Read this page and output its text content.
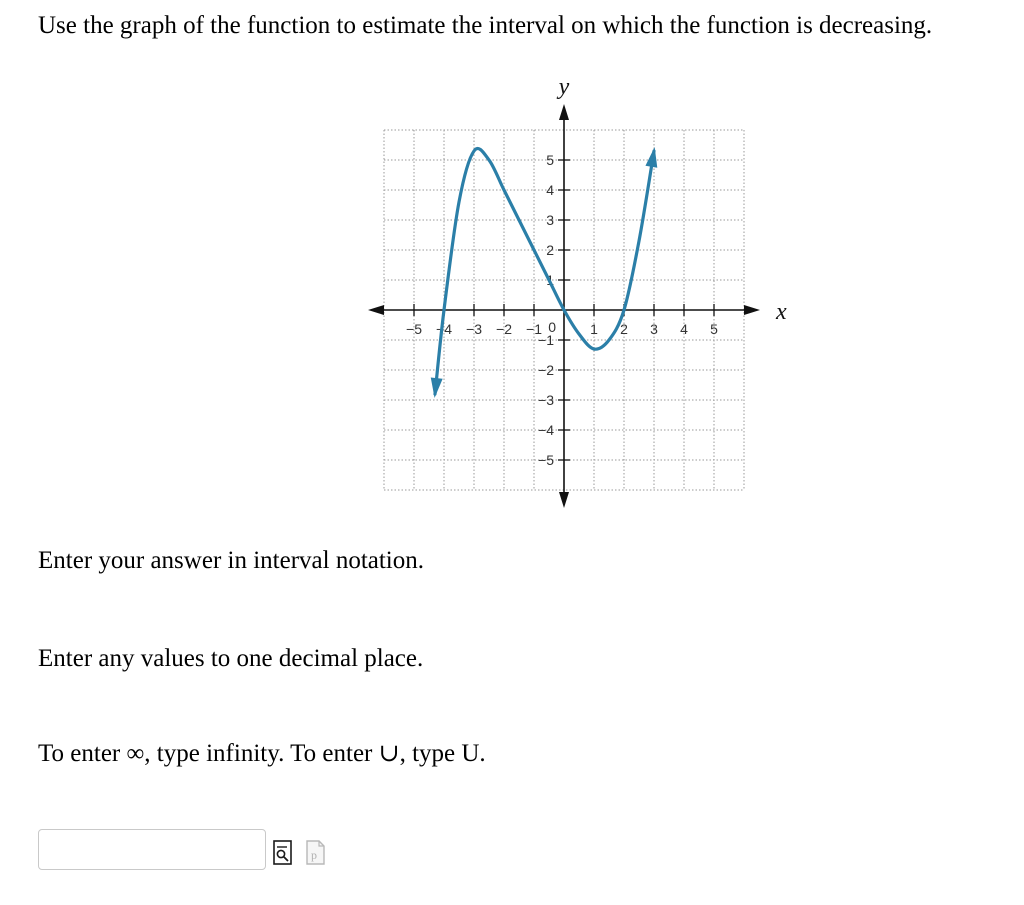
Use the graph of the function to estimate the interval on which the function is decreasing.
x
y
−5 −4 −3 −2 −1	1 2 3 4 5
5
4
3
2
1
−1
−2
−3
−4
−5
0

Enter your answer in interval notation.

Enter any values to one decimal place.

To enter ∞, type infinity. To enter ∪, type U.

p
